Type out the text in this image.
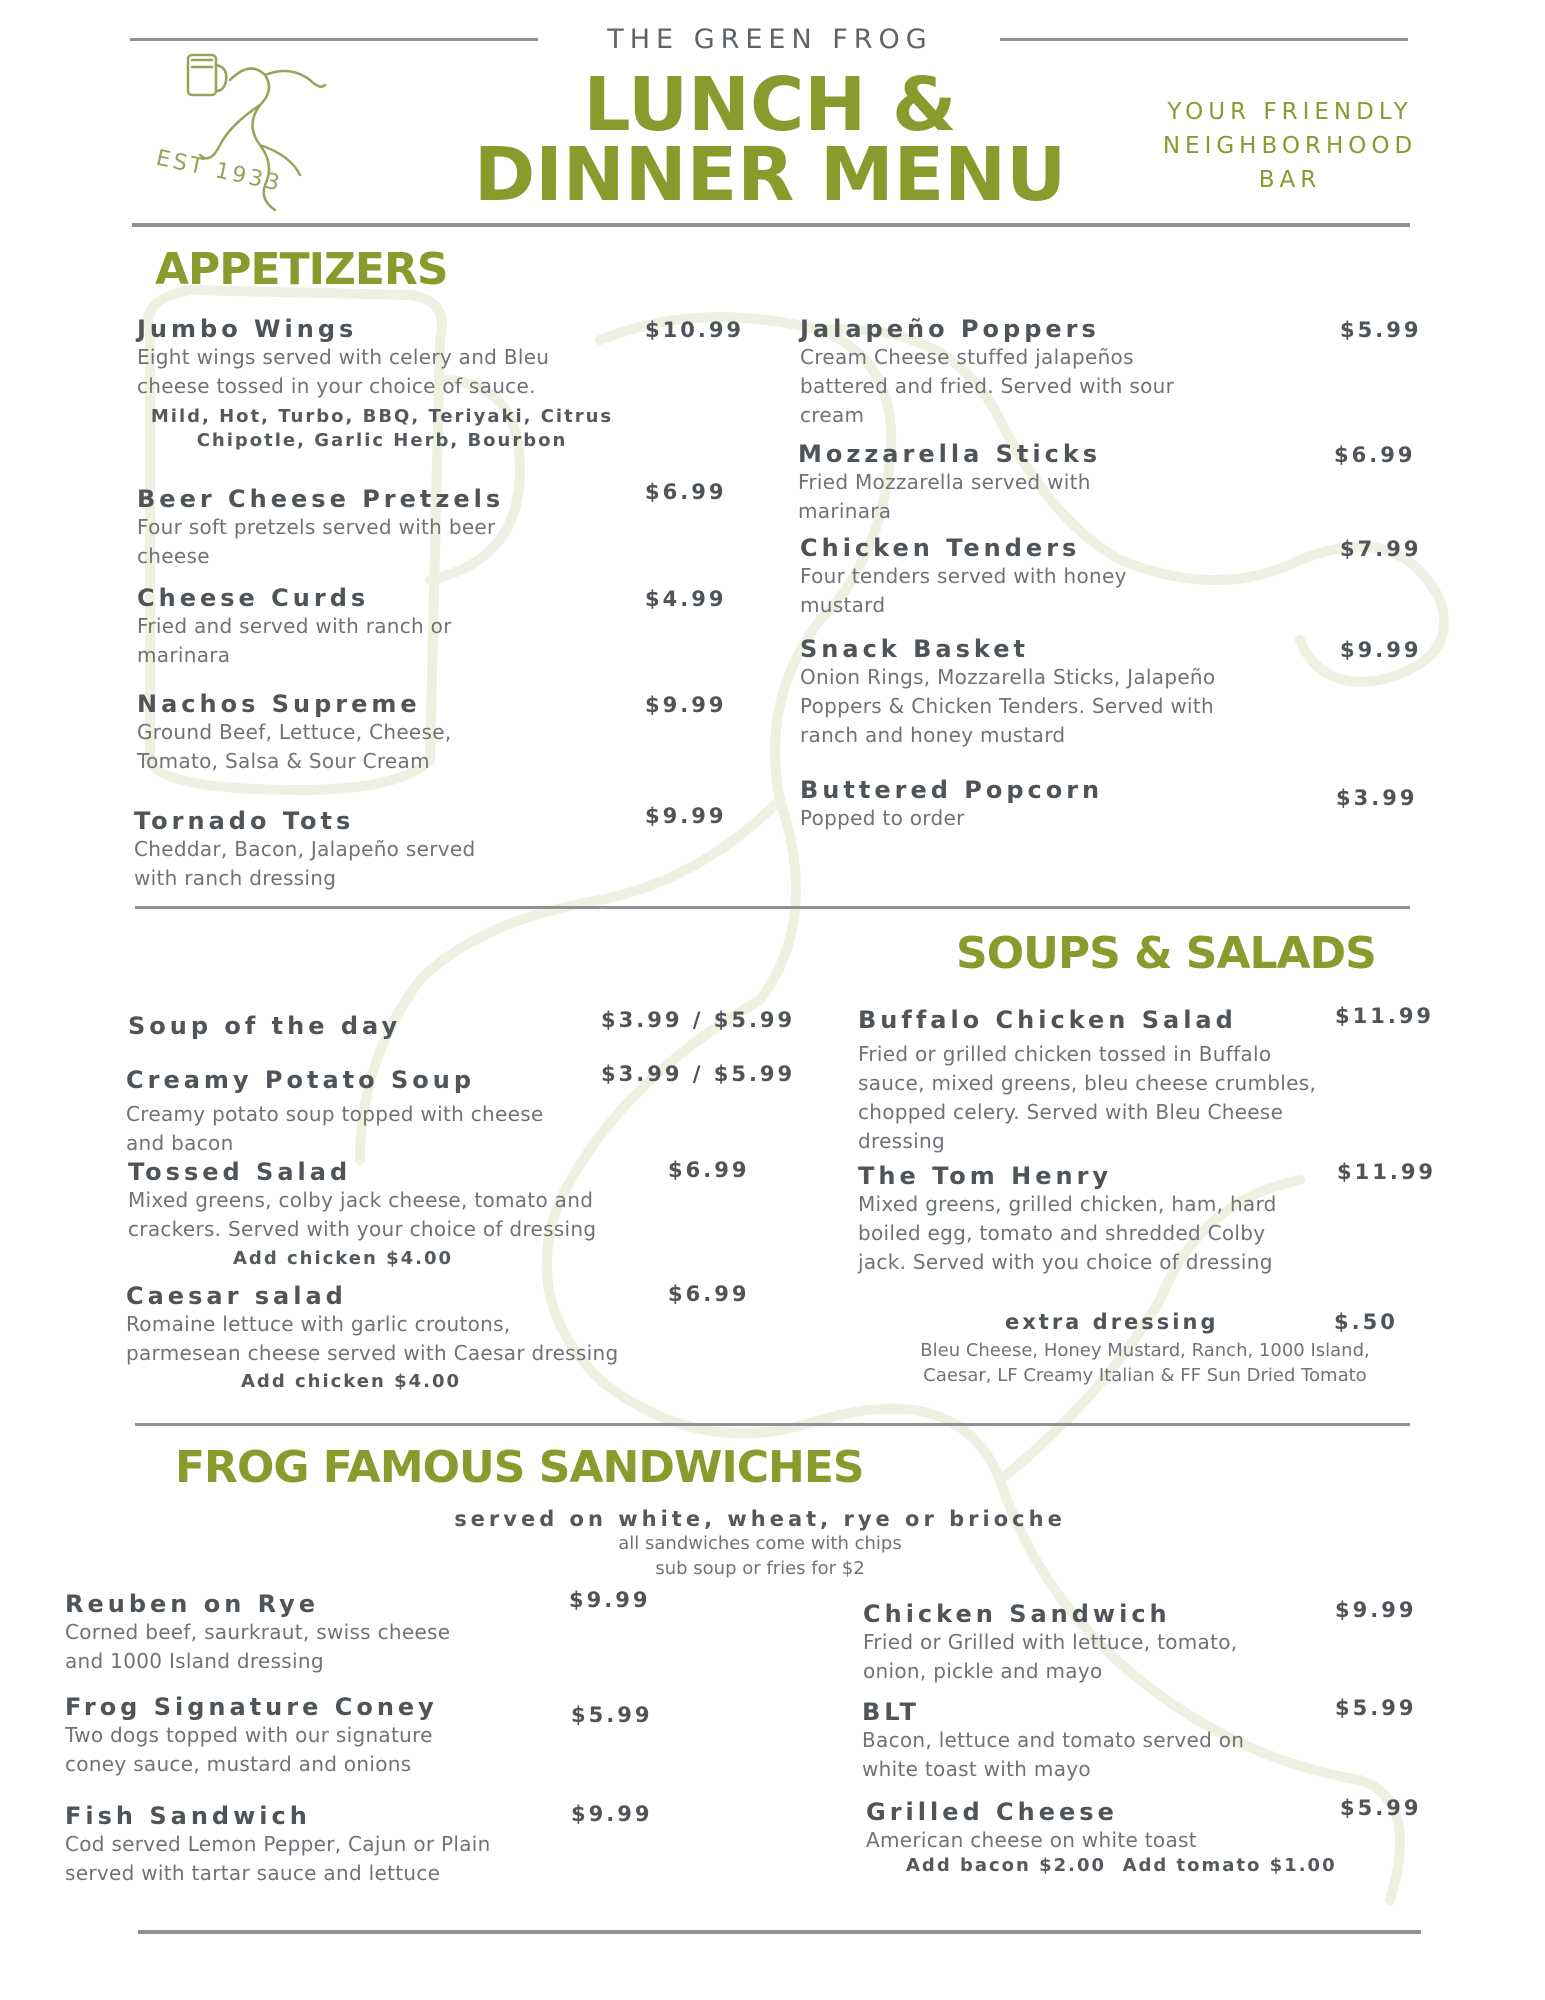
THE GREEN FROG
EST 1933
LUNCH &
DINNER MENU
YOUR FRIENDLY
NEIGHBORHOOD
BAR
APPETIZERS
Jumbo Wings	$10.99
Eight wings served with celery and Bleu cheese tossed in your choice of sauce.
Mild, Hot, Turbo, BBQ, Teriyaki, Citrus Chipotle, Garlic Herb, Bourbon
Beer Cheese Pretzels	$6.99
Four soft pretzels served with beer cheese
Cheese Curds	$4.99
Fried and served with ranch or marinara
Nachos Supreme	$9.99
Ground Beef, Lettuce, Cheese, Tomato, Salsa & Sour Cream
Tornado Tots	$9.99
Cheddar, Bacon, Jalapeño served with ranch dressing
Jalapeño Poppers	$5.99
Cream Cheese stuffed jalapeños battered and fried. Served with sour cream
Mozzarella Sticks	$6.99
Fried Mozzarella served with marinara
Chicken Tenders	$7.99
Four tenders served with honey mustard
Snack Basket	$9.99
Onion Rings, Mozzarella Sticks, Jalapeño Poppers & Chicken Tenders. Served with ranch and honey mustard
Buttered Popcorn	$3.99
Popped to order
SOUPS & SALADS
Soup of the day	$3.99 / $5.99
Creamy Potato Soup	$3.99 / $5.99
Creamy potato soup topped with cheese and bacon
Tossed Salad	$6.99
Mixed greens, colby jack cheese, tomato and crackers. Served with your choice of dressing
Add chicken $4.00
Caesar salad	$6.99
Romaine lettuce with garlic croutons, parmesean cheese served with Caesar dressing
Add chicken $4.00
Buffalo Chicken Salad	$11.99
Fried or grilled chicken tossed in Buffalo sauce, mixed greens, bleu cheese crumbles, chopped celery. Served with Bleu Cheese dressing
The Tom Henry	$11.99
Mixed greens, grilled chicken, ham, hard boiled egg, tomato and shredded Colby jack. Served with you choice of dressing
extra dressing	$.50
Bleu Cheese, Honey Mustard, Ranch, 1000 Island, Caesar, LF Creamy Italian & FF Sun Dried Tomato
FROG FAMOUS SANDWICHES
served on white, wheat, rye or brioche
all sandwiches come with chips
sub soup or fries for $2
Reuben on Rye	$9.99
Corned beef, saurkraut, swiss cheese and 1000 Island dressing
Frog Signature Coney	$5.99
Two dogs topped with our signature coney sauce, mustard and onions
Fish Sandwich	$9.99
Cod served Lemon Pepper, Cajun or Plain served with tartar sauce and lettuce
Chicken Sandwich	$9.99
Fried or Grilled with lettuce, tomato, onion, pickle and mayo
BLT	$5.99
Bacon, lettuce and tomato served on white toast with mayo
Grilled Cheese	$5.99
American cheese on white toast
Add bacon $2.00  Add tomato $1.00
